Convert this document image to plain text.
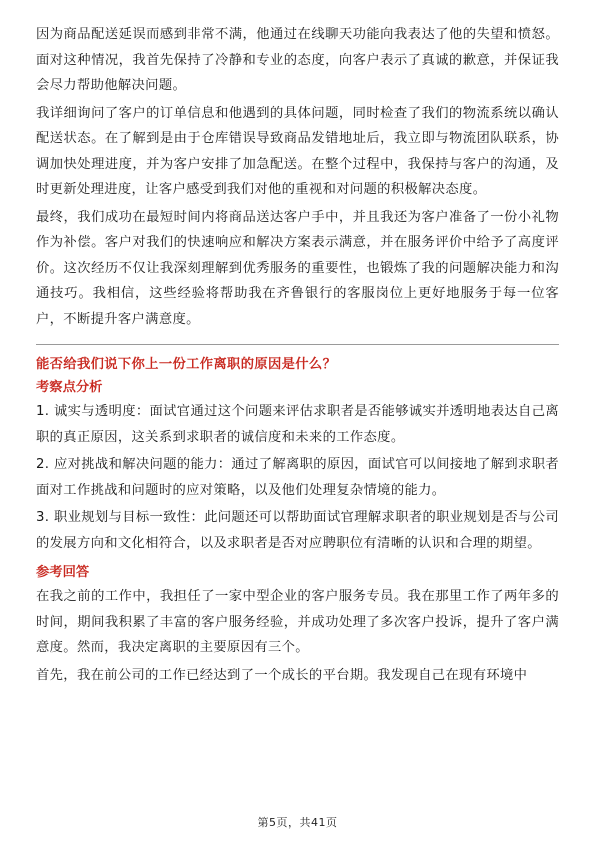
因为商品配送延误而感到非常不满，他通过在线聊天功能向我表达了他的失望和愤怒。面对这种情况，我首先保持了冷静和专业的态度，向客户表示了真诚的歉意，并保证我会尽力帮助他解决问题。

我详细询问了客户的订单信息和他遇到的具体问题，同时检查了我们的物流系统以确认配送状态。在了解到是由于仓库错误导致商品发错地址后，我立即与物流团队联系，协调加快处理进度，并为客户安排了加急配送。在整个过程中，我保持与客户的沟通，及时更新处理进度，让客户感受到我们对他的重视和对问题的积极解决态度。

最终，我们成功在最短时间内将商品送达客户手中，并且我还为客户准备了一份小礼物作为补偿。客户对我们的快速响应和解决方案表示满意，并在服务评价中给予了高度评价。这次经历不仅让我深刻理解到优秀服务的重要性，也锻炼了我的问题解决能力和沟通技巧。我相信，这些经验将帮助我在齐鲁银行的客服岗位上更好地服务于每一位客户，不断提升客户满意度。

能否给我们说下你上一份工作离职的原因是什么？

考察点分析

1. 诚实与透明度：面试官通过这个问题来评估求职者是否能够诚实并透明地表达自己离职的真正原因，这关系到求职者的诚信度和未来的工作态度。

2. 应对挑战和解决问题的能力：通过了解离职的原因，面试官可以间接地了解到求职者面对工作挑战和问题时的应对策略，以及他们处理复杂情境的能力。

3. 职业规划与目标一致性：此问题还可以帮助面试官理解求职者的职业规划是否与公司的发展方向和文化相符合，以及求职者是否对应聘职位有清晰的认识和合理的期望。

参考回答

在我之前的工作中，我担任了一家中型企业的客户服务专员。我在那里工作了两年多的时间，期间我积累了丰富的客户服务经验，并成功处理了多次客户投诉，提升了客户满意度。然而，我决定离职的主要原因有三个。

首先，我在前公司的工作已经达到了一个成长的平台期。我发现自己在现有环境中

第5页，共41页
